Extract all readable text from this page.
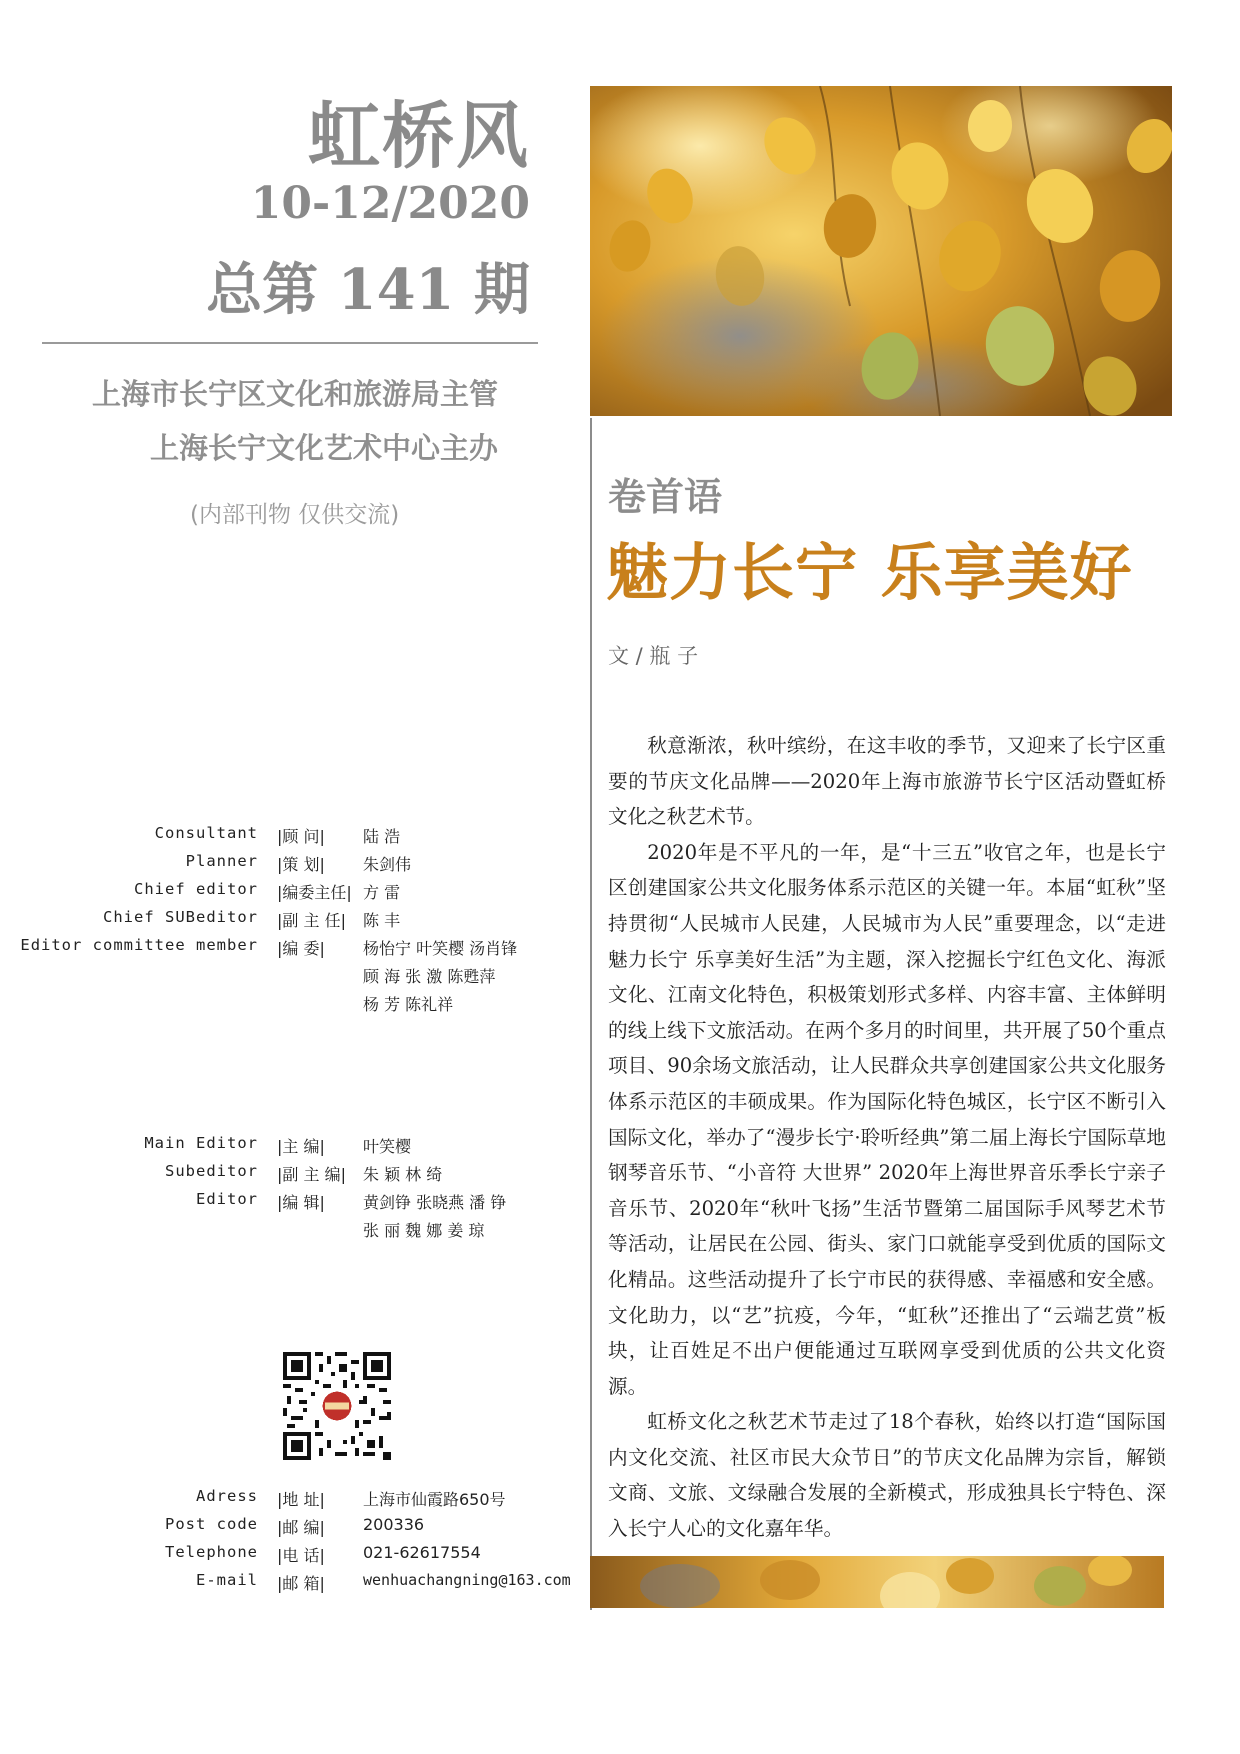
虹桥风
10-12/2020
总第 141 期
上海市长宁区文化和旅游局主管
上海长宁文化艺术中心主办
(内部刊物 仅供交流)
Consultant |顾 问| 陆 浩
Planner |策 划| 朱剑伟
Chief editor |编委主任| 方 雷
Chief SUBeditor |副 主 任| 陈 丰
Editor committee member |编 委| 杨怡宁 叶笑樱 汤肖锋
顾 海 张 激 陈甦萍
杨 芳 陈礼祥
Main Editor |主 编| 叶笑樱
Subeditor |副 主 编| 朱 颖 林 绮
Editor |编 辑| 黄剑铮 张晓燕 潘 铮
张 丽 魏 娜 姜 琼
Adress |地 址| 上海市仙霞路650号
Post code |邮 编| 200336
Telephone |电 话| 021-62617554
E-mail |邮 箱|	wenhuachangning@163.com
卷首语
魅力长宁 乐享美好
文 / 瓶 子

秋意渐浓，秋叶缤纷，在这丰收的季节，又迎来了长宁区重要的节庆文化品牌——2020年上海市旅游节长宁区活动暨虹桥文化之秋艺术节。

2020年是不平凡的一年，是“十三五”收官之年，也是长宁区创建国家公共文化服务体系示范区的关键一年。本届“虹秋”坚持贯彻“人民城市人民建，人民城市为人民”重要理念，以“走进魅力长宁 乐享美好生活”为主题，深入挖掘长宁红色文化、海派文化、江南文化特色，积极策划形式多样、内容丰富、主体鲜明的线上线下文旅活动。在两个多月的时间里，共开展了50个重点项目、90余场文旅活动，让人民群众共享创建国家公共文化服务体系示范区的丰硕成果。作为国际化特色城区，长宁区不断引入国际文化，举办了“漫步长宁·聆听经典”第二届上海长宁国际草地钢琴音乐节、“小音符 大世界” 2020年上海世界音乐季长宁亲子音乐节、2020年“秋叶飞扬”生活节暨第二届国际手风琴艺术节等活动，让居民在公园、街头、家门口就能享受到优质的国际文化精品。这些活动提升了长宁市民的获得感、幸福感和安全感。文化助力，以“艺”抗疫，今年，“虹秋”还推出了“云端艺赏”板块，让百姓足不出户便能通过互联网享受到优质的公共文化资源。

虹桥文化之秋艺术节走过了18个春秋，始终以打造“国际国内文化交流、社区市民大众节日”的节庆文化品牌为宗旨，解锁文商、文旅、文绿融合发展的全新模式，形成独具长宁特色、深入长宁人心的文化嘉年华。
